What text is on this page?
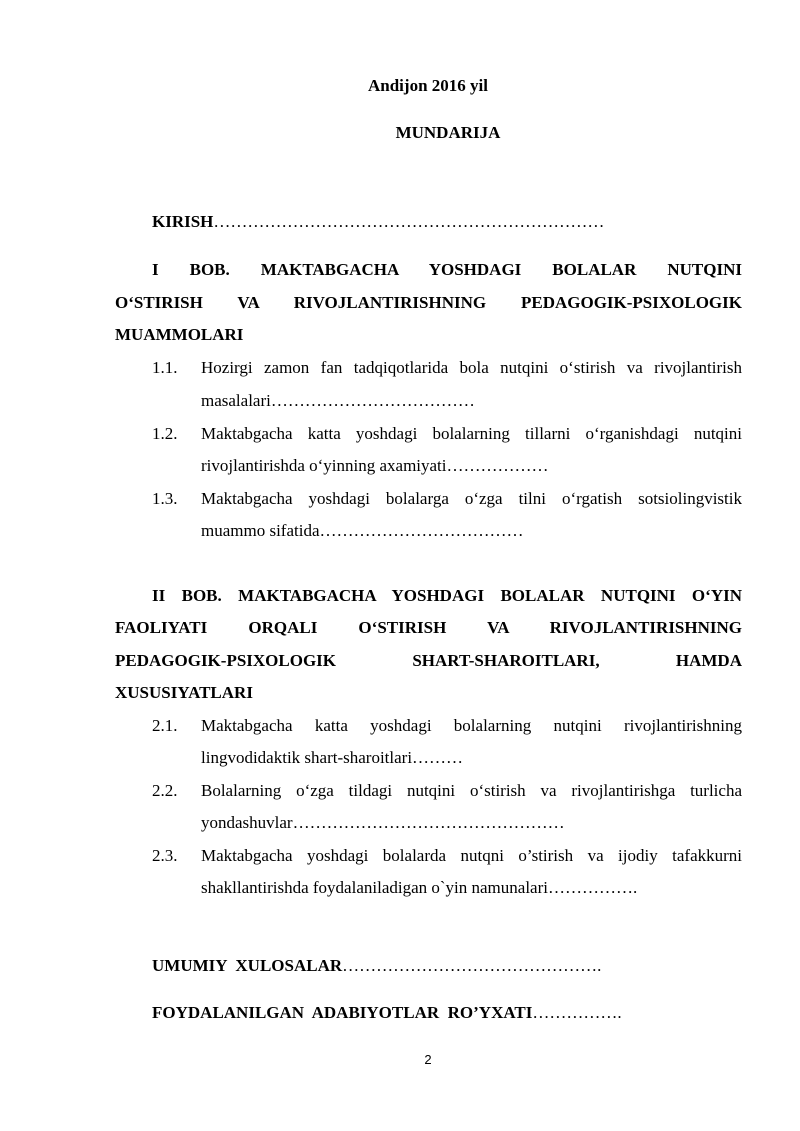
Andijon 2016 yil
MUNDARIJA
KIRISH……………………………………………………………
I BOB. MAKTABGACHA YOSHDAGI BOLALAR NUTQINI
O‘STIRISH VA RIVOJLANTIRISHNING PEDAGOGIK-PSIXOLOGIK
MUAMMOLARI
1.1. Hozirgi zamon fan tadqiqotlarida bola nutqini o‘stirish va rivojlantirish
masalalari………………………………
1.2. Maktabgacha katta yoshdagi bolalarning tillarni o‘rganishdagi nutqini
rivojlantirishda o‘yinning axamiyati………………
1.3. Maktabgacha yoshdagi bolalarga o‘zga tilni o‘rgatish sotsiolingvistik
muammo sifatida………………………………
II BOB. MAKTABGACHA YOSHDAGI BOLALAR NUTQINI O‘YIN
FAOLIYATI ORQALI O‘STIRISH VA RIVOJLANTIRISHNING
PEDAGOGIK-PSIXOLOGIK SHART-SHAROITLARI, HAMDA
XUSUSIYATLARI
2.1. Maktabgacha katta yoshdagi bolalarning nutqini rivojlantirishning
lingvodidaktik shart-sharoitlari………
2.2. Bolalarning o‘zga tildagi nutqini o‘stirish va rivojlantirishga turlicha
yondashuvlar…………………………………………
2.3. Maktabgacha yoshdagi bolalarda nutqni o’stirish va ijodiy tafakkurni
shakllantirishda foydalaniladigan o`yin namunalari…………….
UMUMIY  XULOSALAR……………………………………….
FOYDALANILGAN  ADABIYOTLAR  RO’YXATI…………….
2
